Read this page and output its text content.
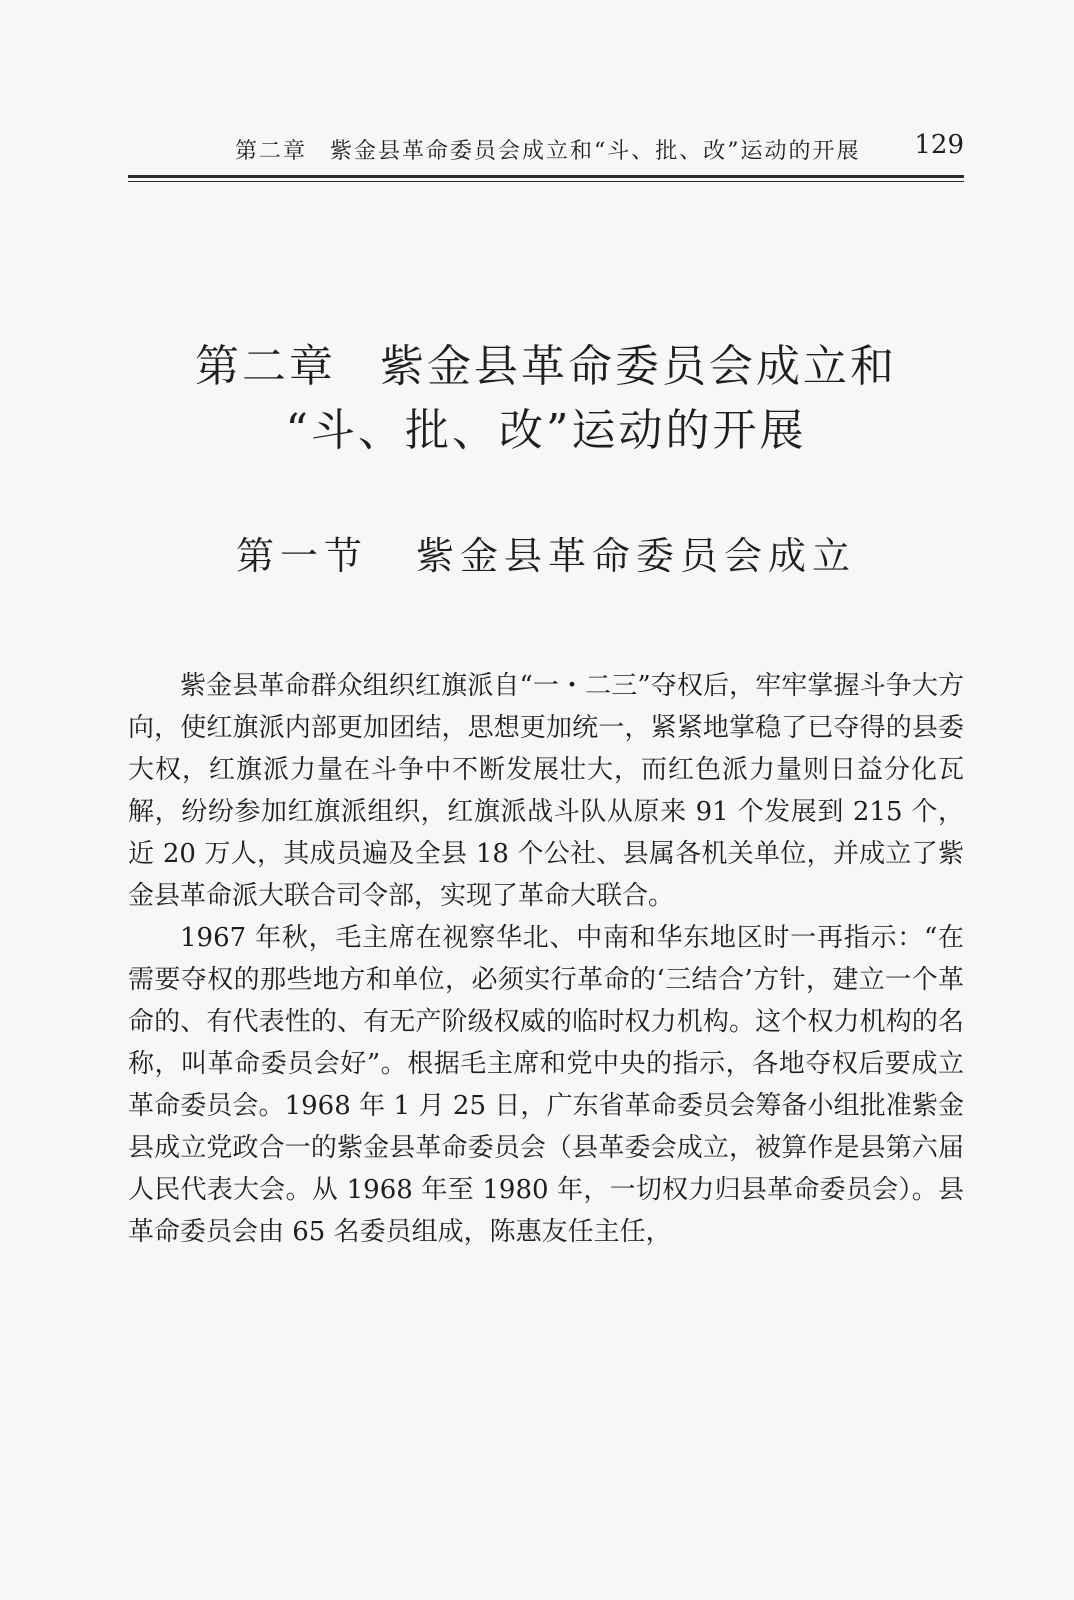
第二章 紫金县革命委员会成立和“斗、批、改”运动的开展 129
第二章 紫金县革命委员会成立和
“斗、批、改”运动的开展
第一节 紫金县革命委员会成立

紫金县革命群众组织红旗派自“一・二三”夺权后，牢牢掌握斗争大方向，使红旗派内部更加团结，思想更加统一，紧紧地掌稳了已夺得的县委大权，红旗派力量在斗争中不断发展壮大，而红色派力量则日益分化瓦解，纷纷参加红旗派组织，红旗派战斗队从原来 91 个发展到 215 个，近 20 万人，其成员遍及全县 18 个公社、县属各机关单位，并成立了紫金县革命派大联合司令部，实现了革命大联合。

1967 年秋，毛主席在视察华北、中南和华东地区时一再指示：“在需要夺权的那些地方和单位，必须实行革命的‘三结合’方针，建立一个革命的、有代表性的、有无产阶级权威的临时权力机构。这个权力机构的名称，叫革命委员会好”。根据毛主席和党中央的指示，各地夺权后要成立革命委员会。1968 年 1 月 25 日，广东省革命委员会筹备小组批准紫金县成立党政合一的紫金县革命委员会（县革委会成立，被算作是县第六届人民代表大会。从 1968 年至 1980 年，一切权力归县革命委员会）。县革命委员会由 65 名委员组成，陈惠友任主任，
